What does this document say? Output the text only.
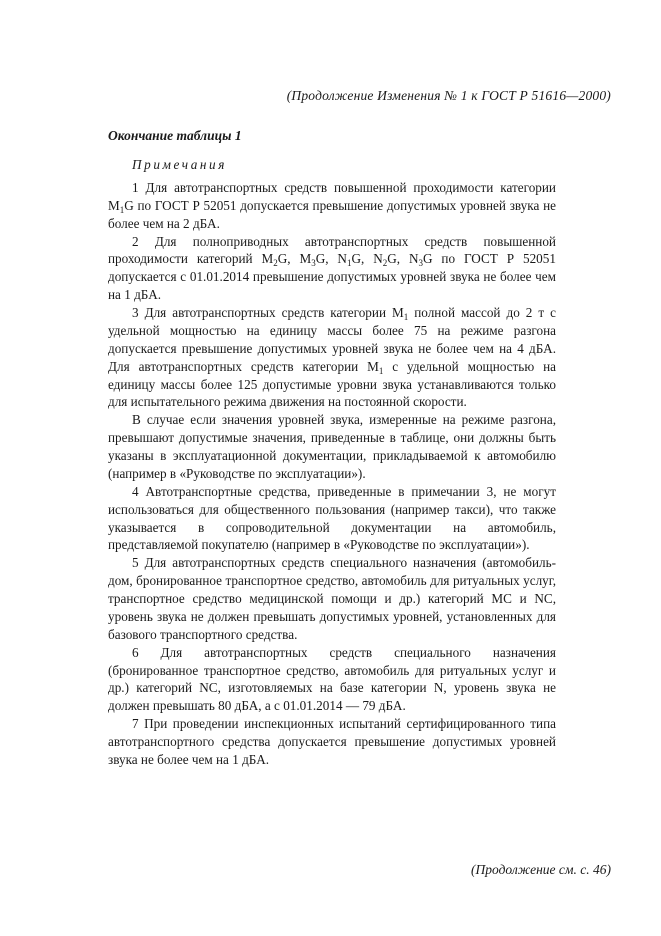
(Продолжение Изменения № 1 к ГОСТ Р 51616—2000)
Окончание таблицы 1
Примечания

1 Для автотранспортных средств повышенной проходимости категории $M_1G$ по ГОСТ Р 52051 допускается превышение допустимых уровней звука не более чем на 2 дБА.

2 Для полноприводных автотранспортных средств повышенной проходимости категорий $M_2G$, $M_3G$, $N_1G$, $N_2G$, $N_3G$ по ГОСТ Р 52051 допускается с 01.01.2014 превышение допустимых уровней звука не более чем на 1 дБА.

3 Для автотранспортных средств категории $M_1$ полной массой до 2 т с удельной мощностью на единицу массы более 75 на режиме разгона допускается превышение допустимых уровней звука не более чем на 4 дБА. Для автотранспортных средств категории $M_1$ с удельной мощностью на единицу массы более 125 допустимые уровни звука устанавливаются только для испытательного режима движения на постоянной скорости.

В случае если значения уровней звука, измеренные на режиме разгона, превышают допустимые значения, приведенные в таблице, они должны быть указаны в эксплуатационной документации, прикладываемой к автомобилю (например в «Руководстве по эксплуатации»).

4 Автотранспортные средства, приведенные в примечании 3, не могут использоваться для общественного пользования (например такси), что также указывается в сопроводительной документации на автомобиль, представляемой покупателю (например в «Руководстве по эксплуатации»).

5 Для автотранспортных средств специального назначения (автомобиль-дом, бронированное транспортное средство, автомобиль для ритуальных услуг, транспортное средство медицинской помощи и др.) категорий МС и NC, уровень звука не должен превышать допустимых уровней, установленных для базового транспортного средства.

6 Для автотранспортных средств специального назначения (бронированное транспортное средство, автомобиль для ритуальных услуг и др.) категорий NC, изготовляемых на базе категории N, уровень звука не должен превышать 80 дБА, а с 01.01.2014 — 79 дБА.

7 При проведении инспекционных испытаний сертифицированного типа автотранспортного средства допускается превышение допустимых уровней звука не более чем на 1 дБА.

(Продолжение см. с. 46)
